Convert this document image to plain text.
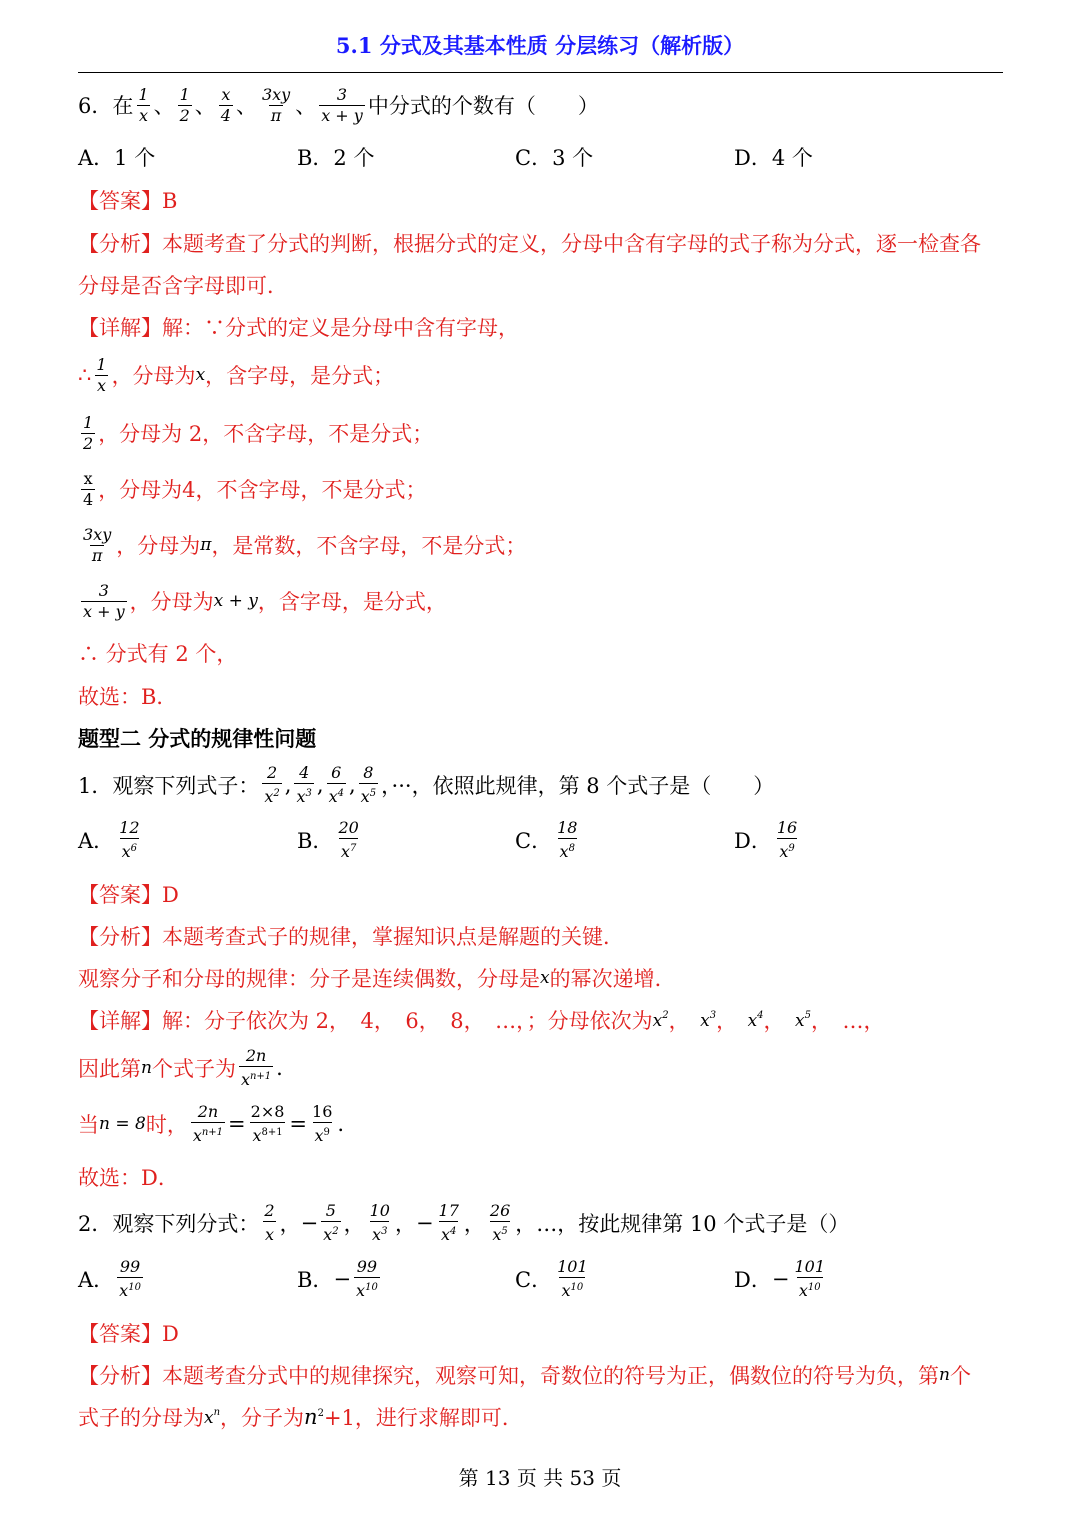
5.1 分式及其基本性质 分层练习（解析版）
6．在 1
x 、 1
2 、 x
4 、 3xy
π 、 3
x + y 中分式的个数有（　　）
A．1 个	B．2 个	C．3 个	D．4 个
【答案】B
【分析】本题考查了分式的判断，根据分式的定义，分母中含有字母的式子称为分式，逐一检查各
分母是否含字母即可．
【详解】解：∵分式的定义是分母中含有字母，
∴ 1
x ，分母为 x ，含字母，是分式；
1
2 ，分母为 2，不含字母，不是分式；
x
4 ，分母为4，不含字母，不是分式；
3xy
π ，分母为 π ，是常数，不含字母，不是分式；
3
x + y ，分母为 x + y ，含字母，是分式，
∴ 分式有 2 个，
故选：B．
题型二 分式的规律性问题
1．观察下列式子：
2
$x^2$ ,
4
$x^3$ ,
6
$x^4$ ,
8
$x^5$ ，···，依照此规律，第 8 个式子是（　　）
A．
12
$x^6$	B．
20
$x^7$	C．
18
$x^8$	D．
16
$x^9$
【答案】D
【分析】本题考查式子的规律，掌握知识点是解题的关键．
观察分子和分母的规律：分子是连续偶数，分母是 x 的幂次递增．
【详解】解：分子依次为 2，　4，　6，　8，　…，；分母依次为 $x^2$ ，　 $x^3$ ，　 $x^4$ ，　 $x^5$ ，　 …，
因此第 n 个式子为
2n
$x^{n+1}$ .
当 n = 8 时， $\frac{2n}{x^{n+1}} = \frac{2\times 8}{x^{8+1}} = \frac{16}{x^9}$ .
故选：D．
2．观察下列分式：
2
x ， − $\frac{5}{x^2}$ ，
10
$x^3$ ， − $\frac{17}{x^4}$ ，
26
$x^5$ ，…，按此规律第 10 个式子是（）
A．
99
$x^{10}$	B． − $\frac{99}{x^{10}}$	C．
101
$x^{10}$	D． − $\frac{101}{x^{10}}$
【答案】D
【分析】本题考查分式中的规律探究，观察可知，奇数位的符号为正，偶数位的符号为负，第 n 个
式子的分母为 $x^n$ ，分子为 $n^2 +1$，进行求解即可．
第 13 页 共 53 页
